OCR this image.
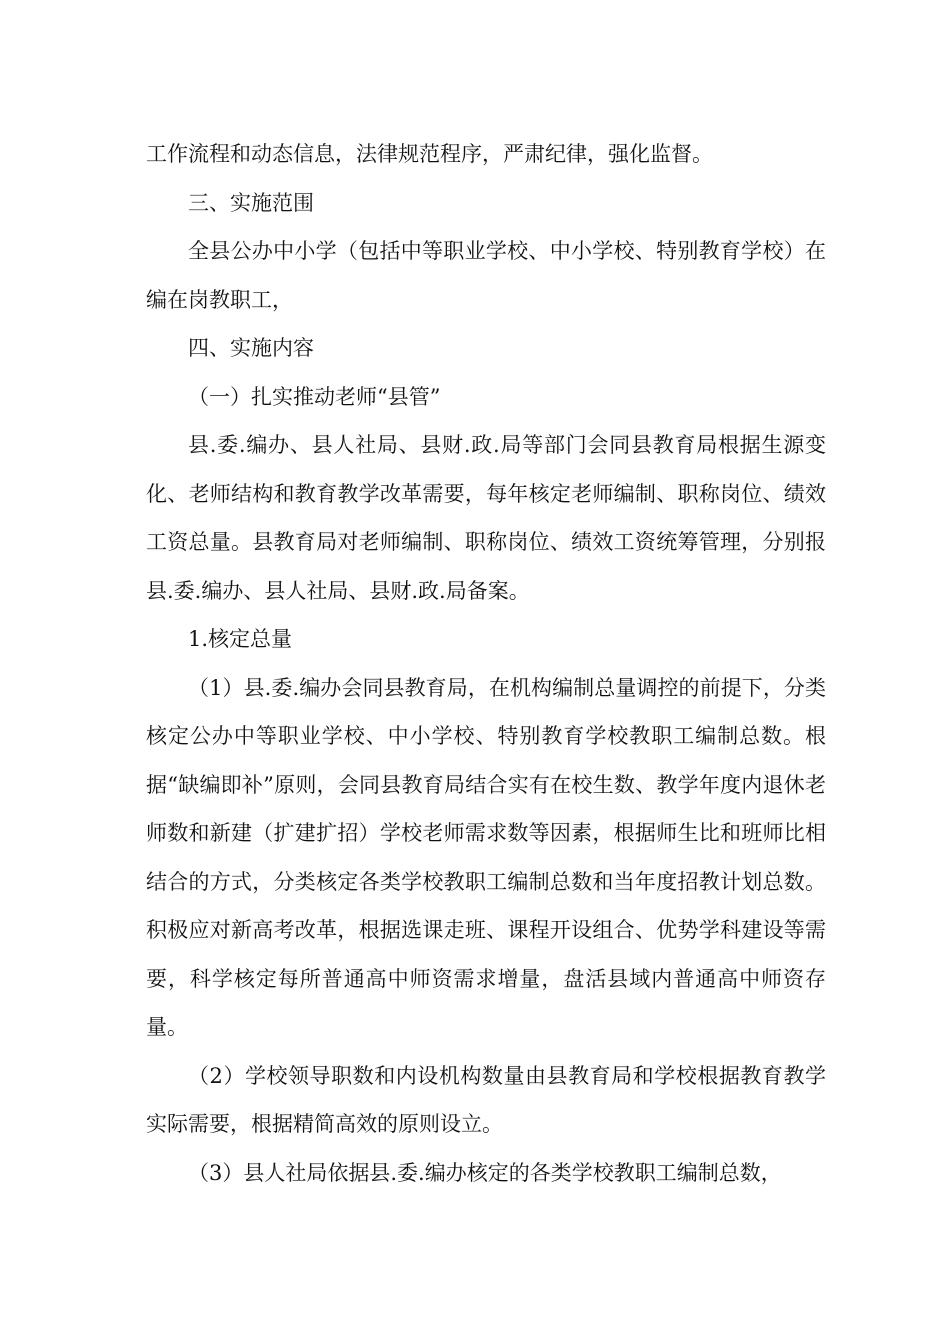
工作流程和动态信息，法律规范程序，严肃纪律，强化监督。

三、实施范围

全县公办中小学（包括中等职业学校、中小学校、特别教育学校）在编在岗教职工，

四、实施内容

（一）扎实推动老师“县管”

县.委.编办、县人社局、县财.政.局等部门会同县教育局根据生源变化、老师结构和教育教学改革需要，每年核定老师编制、职称岗位、绩效工资总量。县教育局对老师编制、职称岗位、绩效工资统筹管理，分别报县.委.编办、县人社局、县财.政.局备案。

1.核定总量

（1）县.委.编办会同县教育局，在机构编制总量调控的前提下，分类核定公办中等职业学校、中小学校、特别教育学校教职工编制总数。根据“缺编即补”原则，会同县教育局结合实有在校生数、教学年度内退休老师数和新建（扩建扩招）学校老师需求数等因素，根据师生比和班师比相结合的方式，分类核定各类学校教职工编制总数和当年度招教计划总数。积极应对新高考改革，根据选课走班、课程开设组合、优势学科建设等需要，科学核定每所普通高中师资需求增量，盘活县域内普通高中师资存量。

（2）学校领导职数和内设机构数量由县教育局和学校根据教育教学实际需要，根据精简高效的原则设立。

（3）县人社局依据县.委.编办核定的各类学校教职工编制总数，
